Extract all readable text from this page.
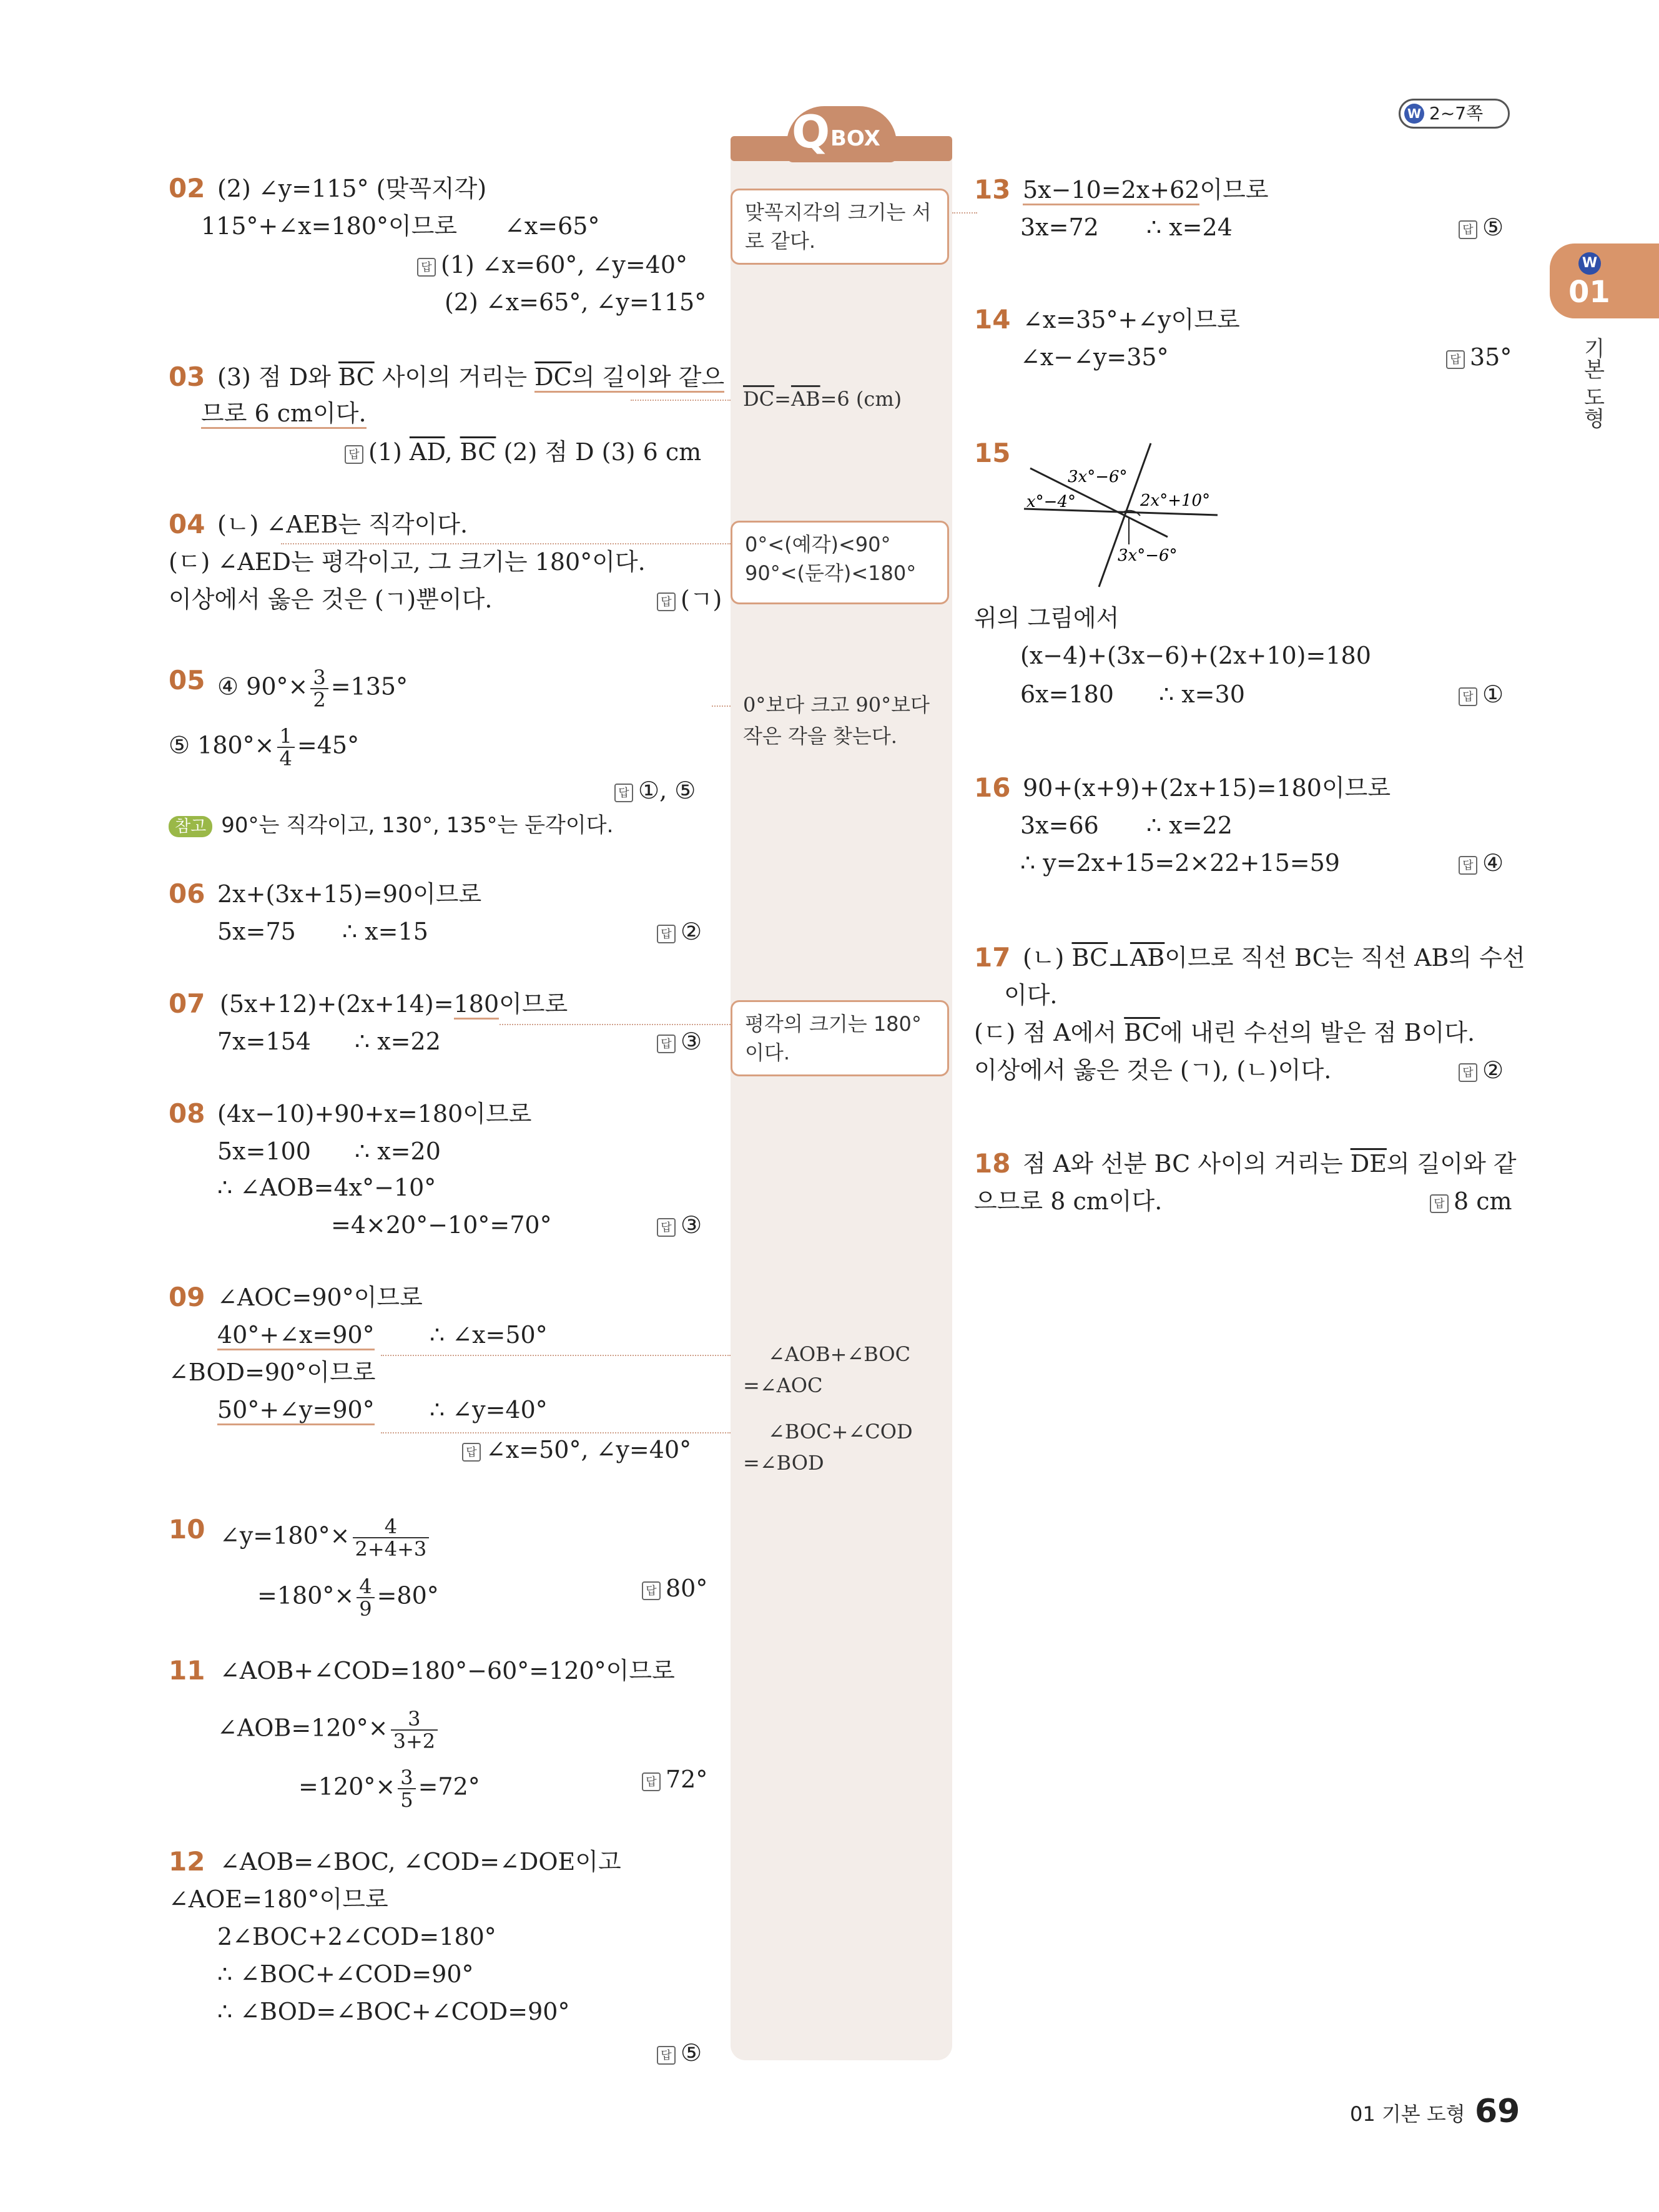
W 2~7쪽
W
01
기본 도형
Q BOX
02 (2) ∠y=115° (맞꼭지각)
115°+∠x=180°이므로 ∠x=65°
답 (1) ∠x=60°, ∠y=40°
(2) ∠x=65°, ∠y=115°
맞꼭지각의 크기는 서로 같다.
03 (3) 점 D와 $\overline{BC}$ 사이의 거리는 $\overline{DC}$의 길이와 같으
므로 6 cm이다.
답 (1) $\overline{AD}$, $\overline{BC}$ (2) 점 D (3) 6 cm
$\overline{DC}=\overline{AB}=6$ (cm)
04 (ㄴ) ∠AEB는 직각이다.
(ㄷ) ∠AED는 평각이고, 그 크기는 180°이다.
이상에서 옳은 것은 (ㄱ)뿐이다.	답 (ㄱ)
0°<(예각)<90°
90°<(둔각)<180°
05 ④ $90^\circ\times \frac{3}{2} =135^\circ$
⑤ $180^\circ\times \frac{1}{4} =45^\circ$
답 ①, ⑤
0°보다 크고 90°보다
작은 각을 찾는다.
참고 90°는 직각이고, 130°, 135°는 둔각이다.
06 2x+(3x+15)=90이므로
5x=75 ∴ x=15	답 ②
07 (5x+12)+(2x+14)=180이므로
7x=154 ∴ x=22	답 ③
평각의 크기는 180°이다.
08 (4x−10)+90+x=180이므로
5x=100 ∴ x=20
∴ ∠AOB=4x°−10°
=4×20°−10°=70°	답 ③
09 ∠AOC=90°이므로
40°+∠x=90° ∴ ∠x=50°
∠BOD=90°이므로
50°+∠y=90° ∴ ∠y=40°
답 ∠x=50°, ∠y=40°
∠AOB+∠BOC
=∠AOC
∠BOC+∠COD
=∠BOD
10 ∠y=180°× $\frac{4}{2+4+3}$
$=180^\circ\times \frac{4}{9} =80^\circ$	답 80°
11 ∠AOB+∠COD=180°−60°=120°이므로
∠AOB=120°× $\frac{3}{3+2}$
$=120^\circ\times \frac{3}{5} =72^\circ$	답 72°
12 ∠AOB=∠BOC, ∠COD=∠DOE이고
∠AOE=180°이므로
2∠BOC+2∠COD=180°
∴ ∠BOC+∠COD=90°
∴ ∠BOD=∠BOC+∠COD=90°
답 ⑤
13 5x−10=2x+62이므로
3x=72 ∴ x=24	답 ⑤
14 ∠x=35°+∠y이므로
∠x−∠y=35°	답 35°
15
3x°−6°
2x°+10°
x°−4°
3x°−6°
위의 그림에서
(x−4)+(3x−6)+(2x+10)=180
6x=180 ∴ x=30	답 ①
16 90+(x+9)+(2x+15)=180이므로
3x=66 ∴ x=22
∴ y=2x+15=2×22+15=59	답 ④
17 (ㄴ) $\overline{BC}\perp\overline{AB}$이므로 직선 BC는 직선 AB의 수선
이다.
(ㄷ) 점 A에서 $\overline{BC}$에 내린 수선의 발은 점 B이다.
이상에서 옳은 것은 (ㄱ), (ㄴ)이다.	답 ②
18 점 A와 선분 BC 사이의 거리는 $\overline{DE}$의 길이와 같
으므로 8 cm이다.	답 8 cm
01 기본 도형 69
